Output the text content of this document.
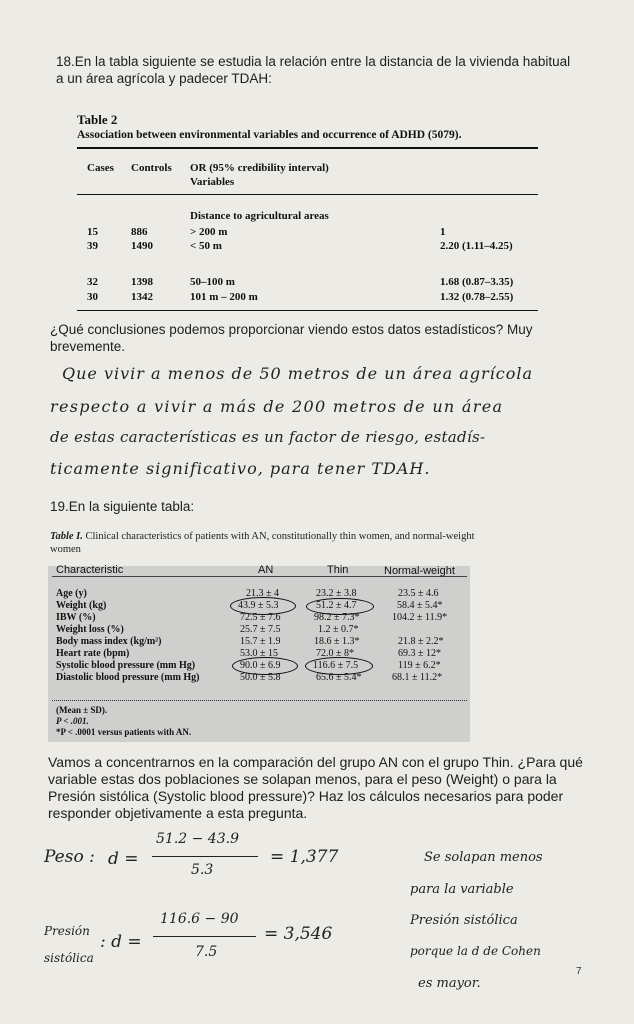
18.En la tabla siguiente se estudia la relación entre la distancia de la vivienda habitual a un área agrícola y padecer TDAH:
Table 2
Association between environmental variables and occurrence of ADHD (5079).
Cases Controls OR (95% credibility interval)
Variables
Distance to agricultural areas
15	886	> 200 m	1
39	1490	< 50 m	2.20 (1.11–4.25)
32	1398	50–100 m	1.68 (0.87–3.35)
30	1342	101 m – 200 m	1.32 (0.78–2.55)
¿Qué conclusiones podemos proporcionar viendo estos datos estadísticos? Muy brevemente.
Que vivir a menos de 50 metros de un área agrícola
respecto a vivir a más de 200 metros de un área
de estas características es un factor de riesgo, estadís-
ticamente significativo, para tener TDAH.
19.En la siguiente tabla:
Table I. Clinical characteristics of patients with AN, constitutionally thin women, and normal-weight women
Characteristic	AN	Thin	Normal-weight
Age (y)	21.3 ± 4	23.2 ± 3.8	23.5 ± 4.6
Weight (kg)	43.9 ± 5.3	51.2 ± 4.7	58.4 ± 5.4*
IBW (%)	72.5 ± 7.6	98.2 ± 7.3*	104.2 ± 11.9*
Weight loss (%)	25.7 ± 7.5	1.2 ± 0.7*
Body mass index (kg/m²)	15.7 ± 1.9	18.6 ± 1.3*	21.8 ± 2.2*
Heart rate (bpm)	53.0 ± 15	72.0 ± 8*	69.3 ± 12*
Systolic blood pressure (mm Hg)	90.0 ± 6.9	116.6 ± 7.5	119 ± 6.2*
Diastolic blood pressure (mm Hg)	50.0 ± 5.8	65.6 ± 5.4*	68.1 ± 11.2*
(Mean ± SD).
P < .001.
*P < .0001 versus patients with AN.
Vamos a concentrarnos en la comparación del grupo AN con el grupo Thin. ¿Para qué variable estas dos poblaciones se solapan menos, para el peso (Weight) o para la Presión sistólica (Systolic blood pressure)? Haz los cálculos necesarios para poder responder objetivamente a esta pregunta.
Peso : d =
51.2 − 43.9
5.3
= 1,377
Presión
sistólica
: d =
116.6 − 90
7.5
= 3,546
Se solapan menos
para la variable
Presión sistólica
porque la d de Cohen
es mayor.
7
